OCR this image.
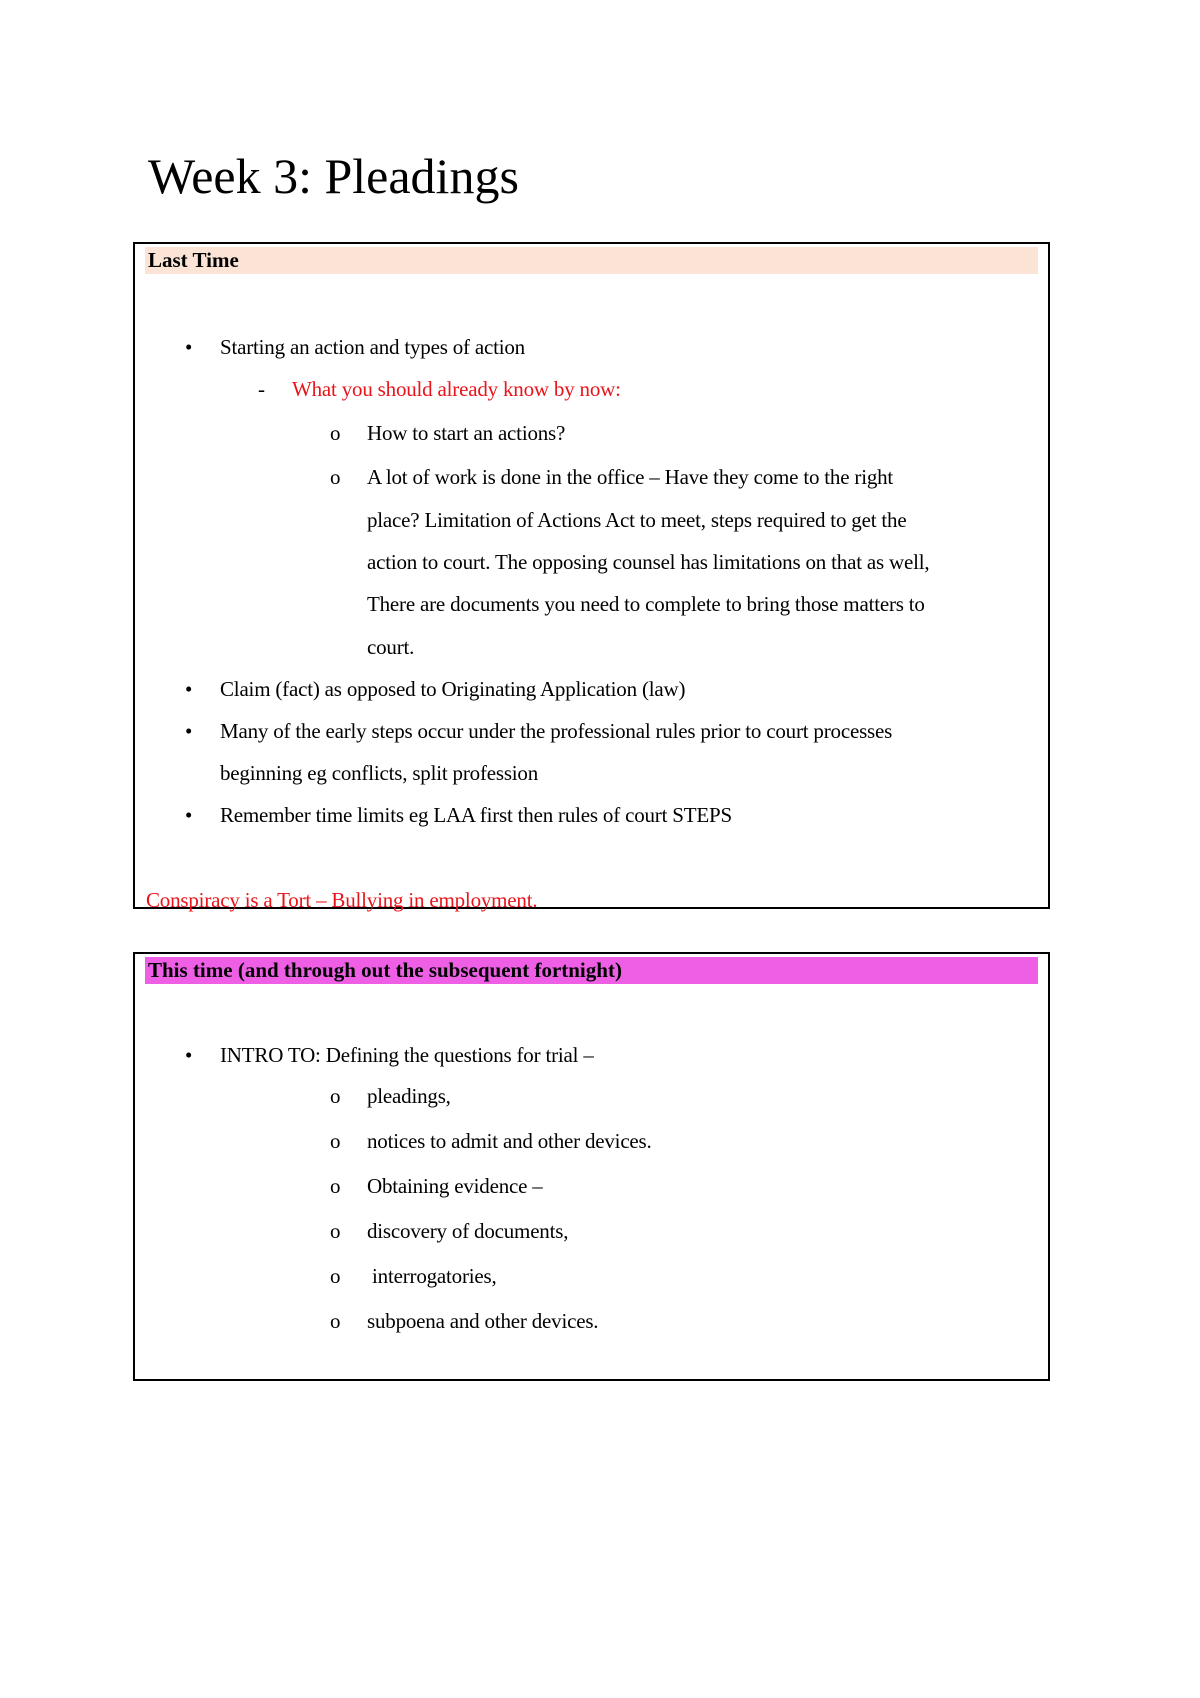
Week 3: Pleadings
Last Time
• Starting an action and types of action
- What you should already know by now:
o How to start an actions?
o A lot of work is done in the office – Have they come to the right
place? Limitation of Actions Act to meet, steps required to get the
action to court. The opposing counsel has limitations on that as well,
There are documents you need to complete to bring those matters to
court.
• Claim (fact) as opposed to Originating Application (law)
• Many of the early steps occur under the professional rules prior to court processes
beginning eg conflicts, split profession
• Remember time limits eg LAA first then rules of court STEPS
Conspiracy is a Tort – Bullying in employment.
This time (and through out the subsequent fortnight)
• INTRO TO: Defining the questions for trial –
o pleadings,
o notices to admit and other devices.
o Obtaining evidence –
o discovery of documents,
o interrogatories,
o subpoena and other devices.
